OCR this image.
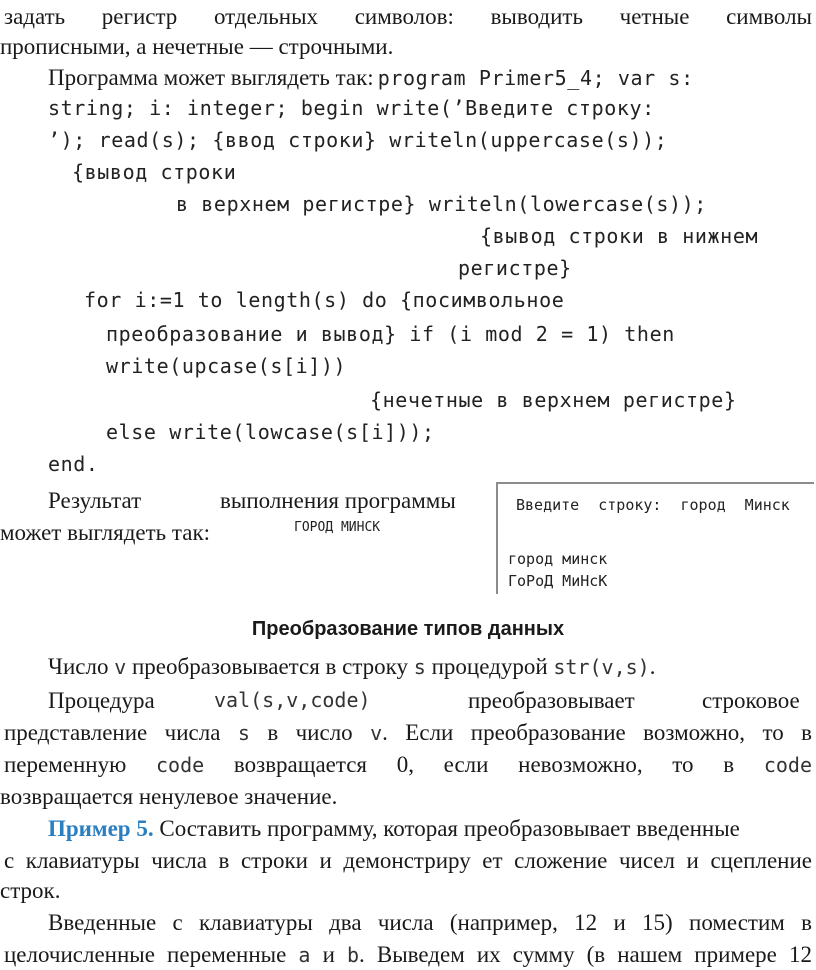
задать регистр отдельных символов: выводить четные символы
прописными, а нечетные — строчными.
Программа может выглядеть так: program Primer5_4; var s:
string; i: integer; begin write(’Введите строку:
’); read(s); {ввод строки} writeln(uppercase(s));
{вывод строки
в верхнем регистре} writeln(lowercase(s));
{вывод строки в нижнем
регистре}
for i:=1 to length(s) do {посимвольное
преобразование и вывод} if (i mod 2 = 1) then
write(upcase(s[i]))
{нечетные в верхнем регистре}
else write(lowcase(s[i]));
end.
Результат	выполнения программы
может выглядеть так:	ГОРОД МИНСК
Введите строку: город Минск
город минск
ГоРоД МиНсК
Преобразование типов данных
Число v преобразовывается в строку s процедурой str(v,s).
Процедура	val(s,v,code)	преобразовывает	строковое
представление числа s в число v. Если преобразование возможно, то в
переменную code возвращается 0, если невозможно, то в code
возвращается ненулевое значение.
Пример 5. Составить программу, которая преобразовывает введенные
с клавиатуры числа в строки и демонстриру ет сложение чисел и сцепление
строк.
Введенные с клавиатуры два числа (например, 12 и 15) поместим в
целочисленные переменные a и b. Выведем их сумму (в нашем примере 12
